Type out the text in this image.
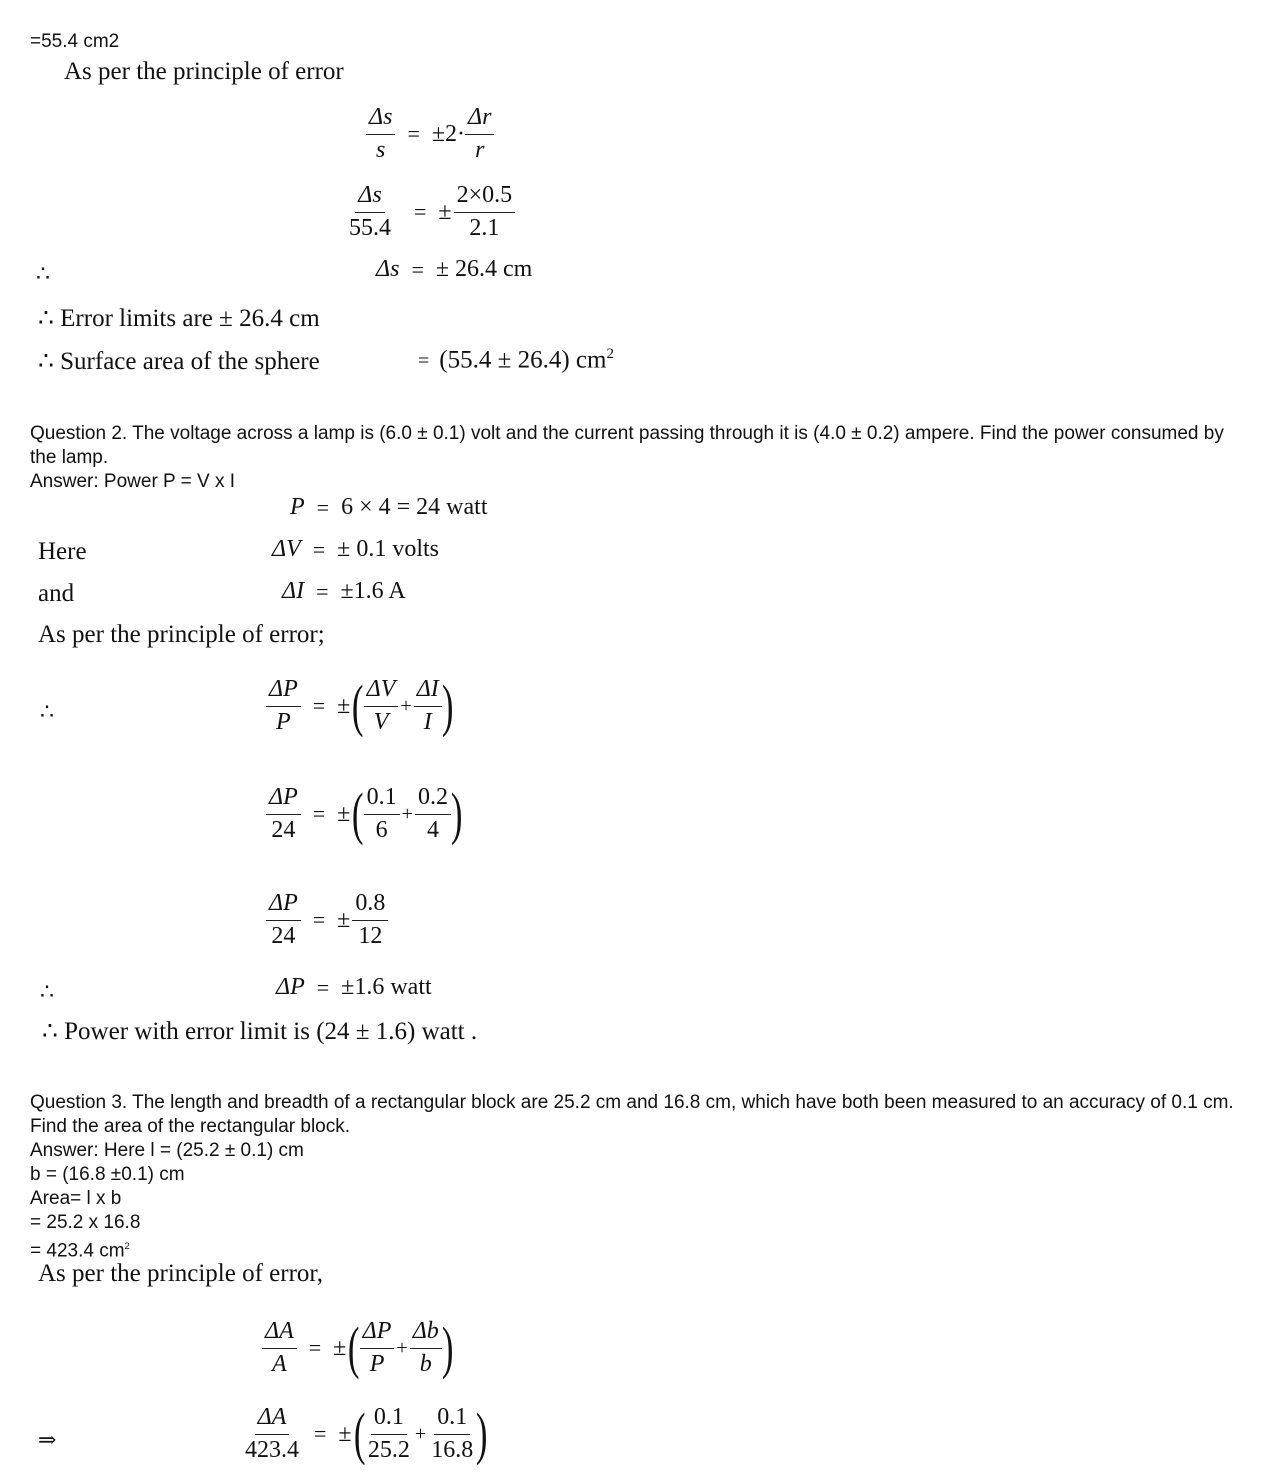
=55.4 cm2
As per the principle of error
$\frac{\Delta s}{s} = \pm 2\cdot \frac{\Delta r}{r}$
$\frac{\Delta s}{55.4}$ = ± $\frac{2\times 0.5}{2.1}$
∴	Δs = ± 26.4 cm
∴ Error limits are ± 26.4 cm
∴ Surface area of the sphere	= (55.4 ± 26.4) $cm^2$
Question 2. The voltage across a lamp is (6.0 ± 0.1) volt and the current passing through it is (4.0 ± 0.2) ampere. Find the power consumed by the lamp.
Answer: Power P = V x I
P = 6 × 4 = 24 watt
Here	ΔV = ± 0.1 volts
and	ΔI = ±1.6 A
As per the principle of error;
∴	$\frac{\Delta P}{P}$ = ± ( $\frac{\Delta V}{V} + \frac{\Delta I}{I}$ )
$\frac{\Delta P}{24}$ = ± ( $\frac{0.1}{6} + \frac{0.2}{4}$ )
$\frac{\Delta P}{24}$ = ± $\frac{0.8}{12}$
∴	ΔP = ±1.6 watt
∴ Power with error limit is (24 ± 1.6) watt .
Question 3. The length and breadth of a rectangular block are 25.2 cm and 16.8 cm, which have both been measured to an accuracy of 0.1 cm. Find the area of the rectangular block.
Answer: Here l = (25.2 ± 0.1) cm
b = (16.8 ±0.1) cm
Area= l x b
= 25.2 x 16.8
= 423.4 $cm^2$
As per the principle of error,
$\frac{\Delta A}{A}$ = ± ( $\frac{\Delta P}{P} + \frac{\Delta b}{b}$ )
⇒	$\frac{\Delta A}{423.4}$ = ± ( $\frac{0.1}{25.2} + \frac{0.1}{16.8}$ )
